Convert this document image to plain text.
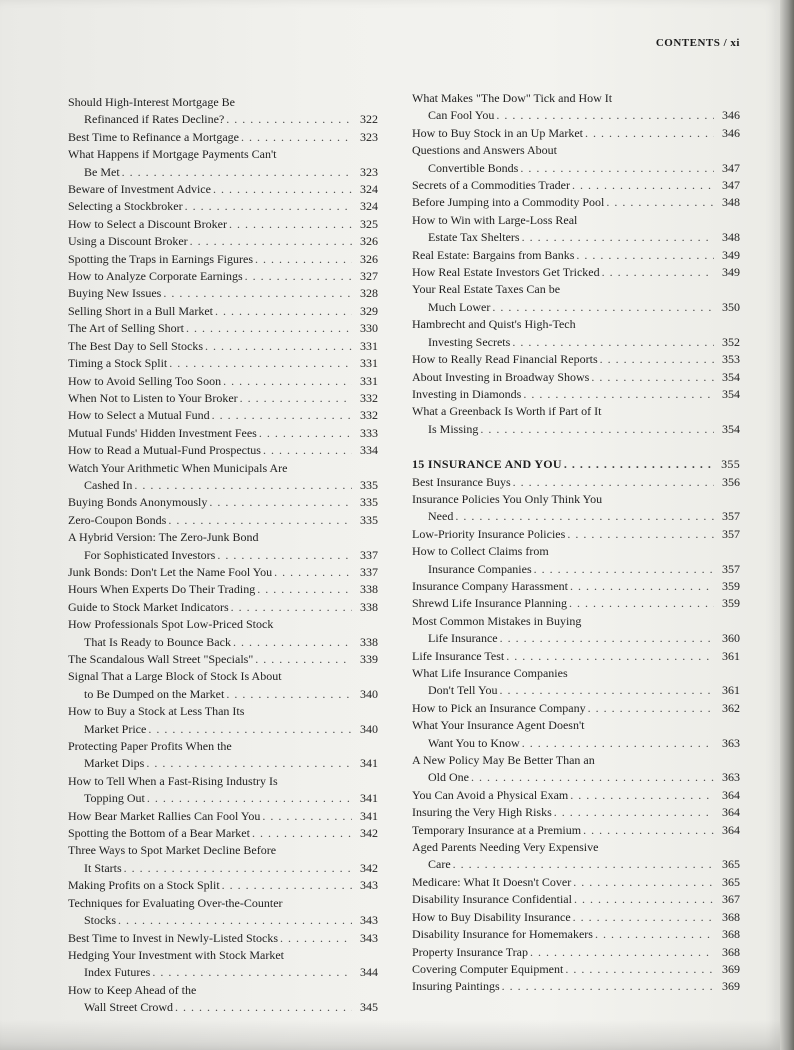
CONTENTS / xi
Should High-Interest Mortgage Be
Refinanced if Rates Decline? . . .	322
Best Time to Refinance a Mortgage . . .	323
What Happens if Mortgage Payments Can't
Be Met . . .	323
Beware of Investment Advice . . .	324
Selecting a Stockbroker . . .	324
How to Select a Discount Broker . . .	325
Using a Discount Broker . . .	326
Spotting the Traps in Earnings Figures . . .	326
How to Analyze Corporate Earnings . . .	327
Buying New Issues . . .	328
Selling Short in a Bull Market . . .	329
The Art of Selling Short . . .	330
The Best Day to Sell Stocks . . .	331
Timing a Stock Split . . .	331
How to Avoid Selling Too Soon . . .	331
When Not to Listen to Your Broker . . .	332
How to Select a Mutual Fund . . .	332
Mutual Funds' Hidden Investment Fees . . .	333
How to Read a Mutual-Fund Prospectus . . .	334
Watch Your Arithmetic When Municipals Are
Cashed In . . .	335
Buying Bonds Anonymously . . .	335
Zero-Coupon Bonds . . .	335
A Hybrid Version: The Zero-Junk Bond
For Sophisticated Investors . . .	337
Junk Bonds: Don't Let the Name Fool You . . .	337
Hours When Experts Do Their Trading . . .	338
Guide to Stock Market Indicators . . .	338
How Professionals Spot Low-Priced Stock
That Is Ready to Bounce Back . . .	338
The Scandalous Wall Street "Specials" . . .	339
Signal That a Large Block of Stock Is About
to Be Dumped on the Market . . .	340
How to Buy a Stock at Less Than Its
Market Price . . .	340
Protecting Paper Profits When the
Market Dips . . .	341
How to Tell When a Fast-Rising Industry Is
Topping Out . . .	341
How Bear Market Rallies Can Fool You . . .	341
Spotting the Bottom of a Bear Market . . .	342
Three Ways to Spot Market Decline Before
It Starts . . .	342
Making Profits on a Stock Split . . .	343
Techniques for Evaluating Over-the-Counter
Stocks . . .	343
Best Time to Invest in Newly-Listed Stocks . . .	343
Hedging Your Investment with Stock Market
Index Futures . . .	344
How to Keep Ahead of the
Wall Street Crowd . . .	345
What Makes "The Dow" Tick and How It
Can Fool You . . .	346
How to Buy Stock in an Up Market . . .	346
Questions and Answers About
Convertible Bonds . . .	347
Secrets of a Commodities Trader . . .	347
Before Jumping into a Commodity Pool . . .	348
How to Win with Large-Loss Real
Estate Tax Shelters . . .	348
Real Estate: Bargains from Banks . . .	349
How Real Estate Investors Get Tricked . . .	349
Your Real Estate Taxes Can be
Much Lower . . .	350
Hambrecht and Quist's High-Tech
Investing Secrets . . .	352
How to Really Read Financial Reports . . .	353
About Investing in Broadway Shows . . .	354
Investing in Diamonds . . .	354
What a Greenback Is Worth if Part of It
Is Missing . . .	354
15 INSURANCE AND YOU . . .	355
Best Insurance Buys . . .	356
Insurance Policies You Only Think You
Need . . .	357
Low-Priority Insurance Policies . . .	357
How to Collect Claims from
Insurance Companies . . .	357
Insurance Company Harassment . . .	359
Shrewd Life Insurance Planning . . .	359
Most Common Mistakes in Buying
Life Insurance . . .	360
Life Insurance Test . . .	361
What Life Insurance Companies
Don't Tell You . . .	361
How to Pick an Insurance Company . . .	362
What Your Insurance Agent Doesn't
Want You to Know . . .	363
A New Policy May Be Better Than an
Old One . . .	363
You Can Avoid a Physical Exam . . .	364
Insuring the Very High Risks . . .	364
Temporary Insurance at a Premium . . .	364
Aged Parents Needing Very Expensive
Care . . .	365
Medicare: What It Doesn't Cover . . .	365
Disability Insurance Confidential . . .	367
How to Buy Disability Insurance . . .	368
Disability Insurance for Homemakers . . .	368
Property Insurance Trap . . .	368
Covering Computer Equipment . . .	369
Insuring Paintings . . .	369
